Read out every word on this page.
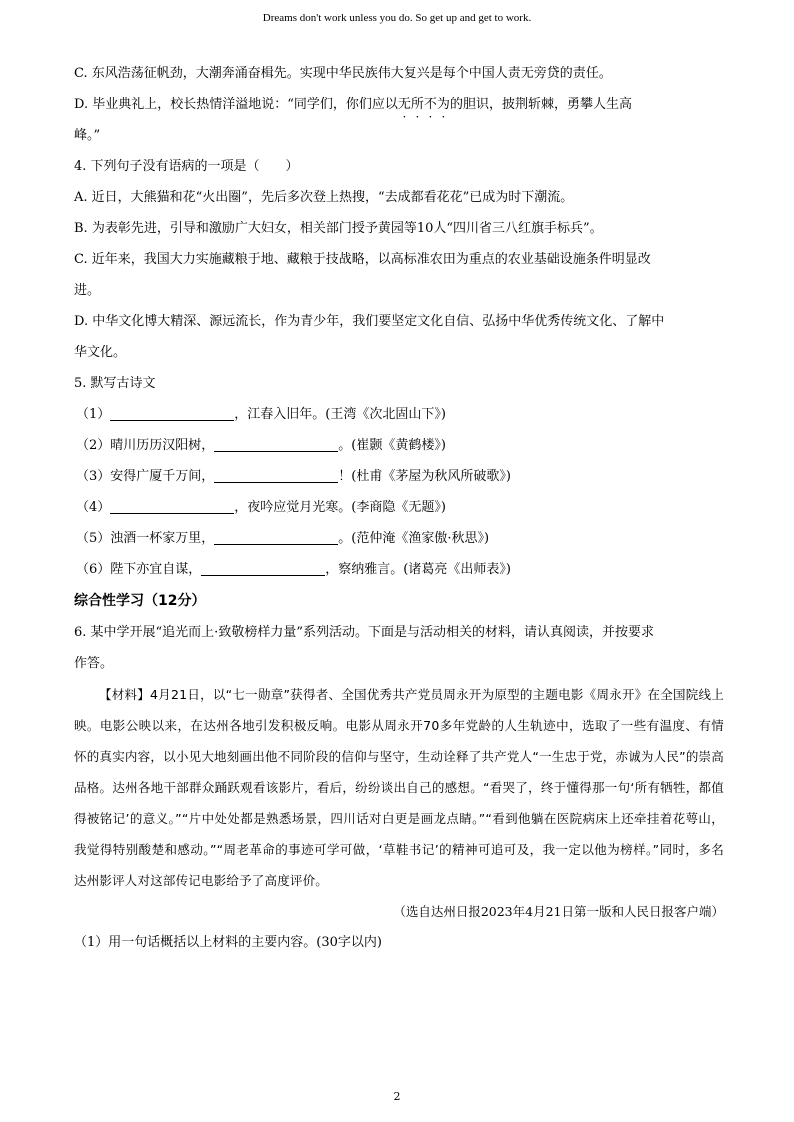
Dreams don't work unless you do. So get up and get to work.

C. 东风浩荡征帆劲，大潮奔涌奋楫先。实现中华民族伟大复兴是每个中国人责无旁贷的责任。

D. 毕业典礼上，校长热情洋溢地说：“同学们，你们应以无所不为的胆识，披荆斩棘，勇攀人生高

峰。”

4. 下列句子没有语病的一项是（　　）

A. 近日，大熊猫和花“火出圈”，先后多次登上热搜，“去成都看花花”已成为时下潮流。

B. 为表彰先进，引导和激励广大妇女，相关部门授予黄园等10人“四川省三八红旗手标兵”。

C. 近年来，我国大力实施藏粮于地、藏粮于技战略，以高标准农田为重点的农业基础设施条件明显改

进。

D. 中华文化博大精深、源远流长，作为青少年，我们要坚定文化自信、弘扬中华优秀传统文化、了解中

华文化。

5. 默写古诗文

（1）	，江春入旧年。(王湾《次北固山下》)

（2）晴川历历汉阳树，	。(崔颢《黄鹤楼》)

（3）安得广厦千万间，	！(杜甫《茅屋为秋风所破歌》)

（4）	，夜吟应觉月光寒。(李商隐《无题》)

（5）浊酒一杯家万里，	。(范仲淹《渔家傲·秋思》)

（6）陛下亦宜自谋，	，察纳雅言。(诸葛亮《出师表》)

综合性学习（12分）

6. 某中学开展“追光而上·致敬榜样力量”系列活动。下面是与活动相关的材料，请认真阅读，并按要求

作答。

【材料】4月21日，以“七一勋章”获得者、全国优秀共产党员周永开为原型的主题电影《周永开》在全国院线上映。电影公映以来，在达州各地引发积极反响。电影从周永开70多年党龄的人生轨迹中，选取了一些有温度、有情怀的真实内容，以小见大地刻画出他不同阶段的信仰与坚守，生动诠释了共产党人“一生忠于党，赤诚为人民”的崇高品格。达州各地干部群众踊跃观看该影片，看后，纷纷谈出自己的感想。“看哭了，终于懂得那一句‘所有牺牲，都值得被铭记’的意义。”“片中处处都是熟悉场景，四川话对白更是画龙点睛。”“看到他躺在医院病床上还牵挂着花萼山，我觉得特别酸楚和感动。”“周老革命的事迹可学可做，‘草鞋书记’的精神可追可及，我一定以他为榜样。”同时，多名达州影评人对这部传记电影给予了高度评价。

（选自达州日报2023年4月21日第一版和人民日报客户端）

（1）用一句话概括以上材料的主要内容。(30字以内)

2
